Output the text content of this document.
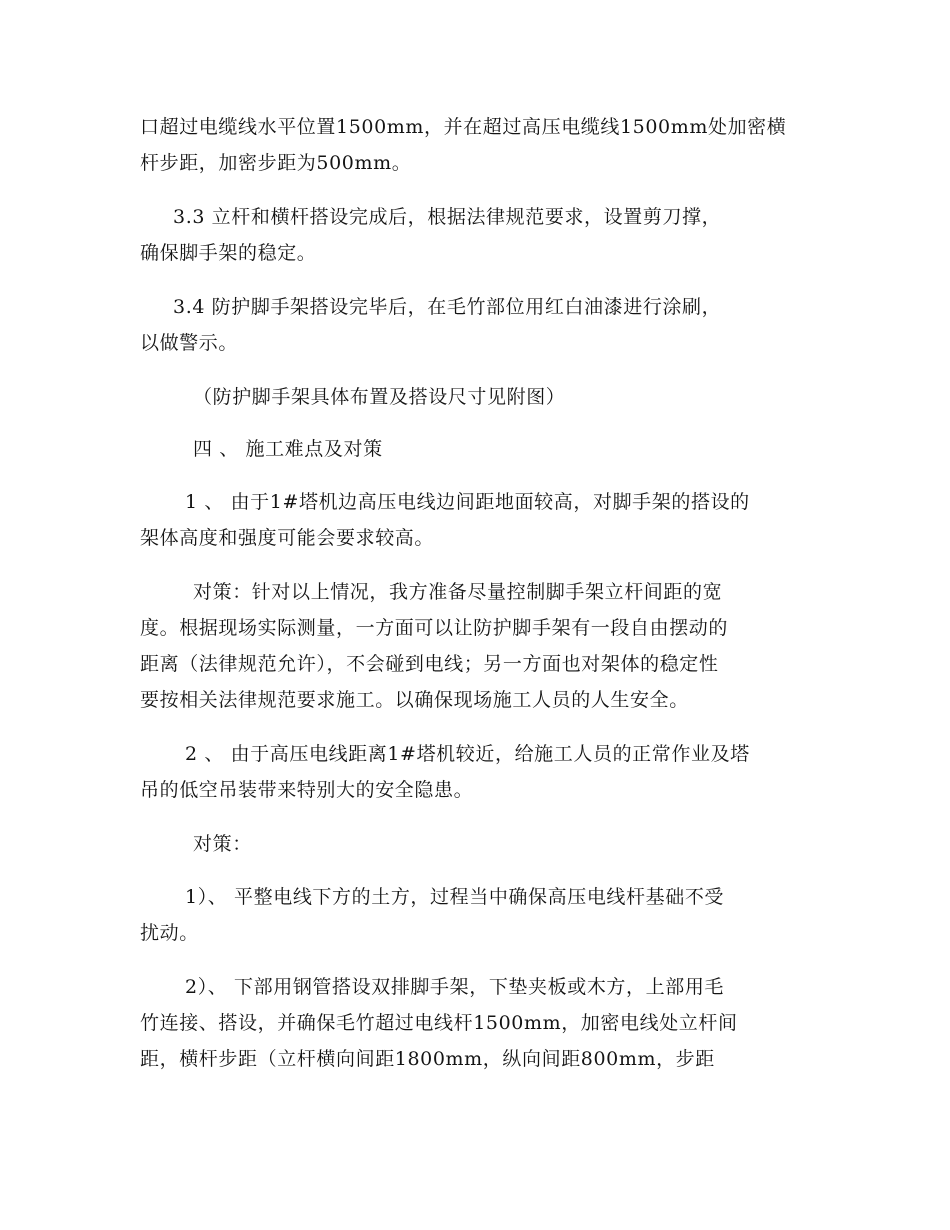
口超过电缆线水平位置1500mm，并在超过高压电缆线1500mm处加密横

杆步距，加密步距为500mm。

3.3 立杆和横杆搭设完成后，根据法律规范要求，设置剪刀撑，

确保脚手架的稳定。

3.4 防护脚手架搭设完毕后，在毛竹部位用红白油漆进行涂刷，

以做警示。

（防护脚手架具体布置及搭设尺寸见附图）

四 、 施工难点及对策

1 、 由于1#塔机边高压电线边间距地面较高，对脚手架的搭设的

架体高度和强度可能会要求较高。

对策：针对以上情况，我方准备尽量控制脚手架立杆间距的宽

度。根据现场实际测量，一方面可以让防护脚手架有一段自由摆动的

距离（法律规范允许），不会碰到电线；另一方面也对架体的稳定性

要按相关法律规范要求施工。以确保现场施工人员的人生安全。

2 、 由于高压电线距离1#塔机较近，给施工人员的正常作业及塔

吊的低空吊装带来特别大的安全隐患。

对策：

1）、 平整电线下方的土方，过程当中确保高压电线杆基础不受

扰动。

2）、 下部用钢管搭设双排脚手架，下垫夹板或木方，上部用毛

竹连接、搭设，并确保毛竹超过电线杆1500mm，加密电线处立杆间

距，横杆步距（立杆横向间距1800mm，纵向间距800mm，步距
